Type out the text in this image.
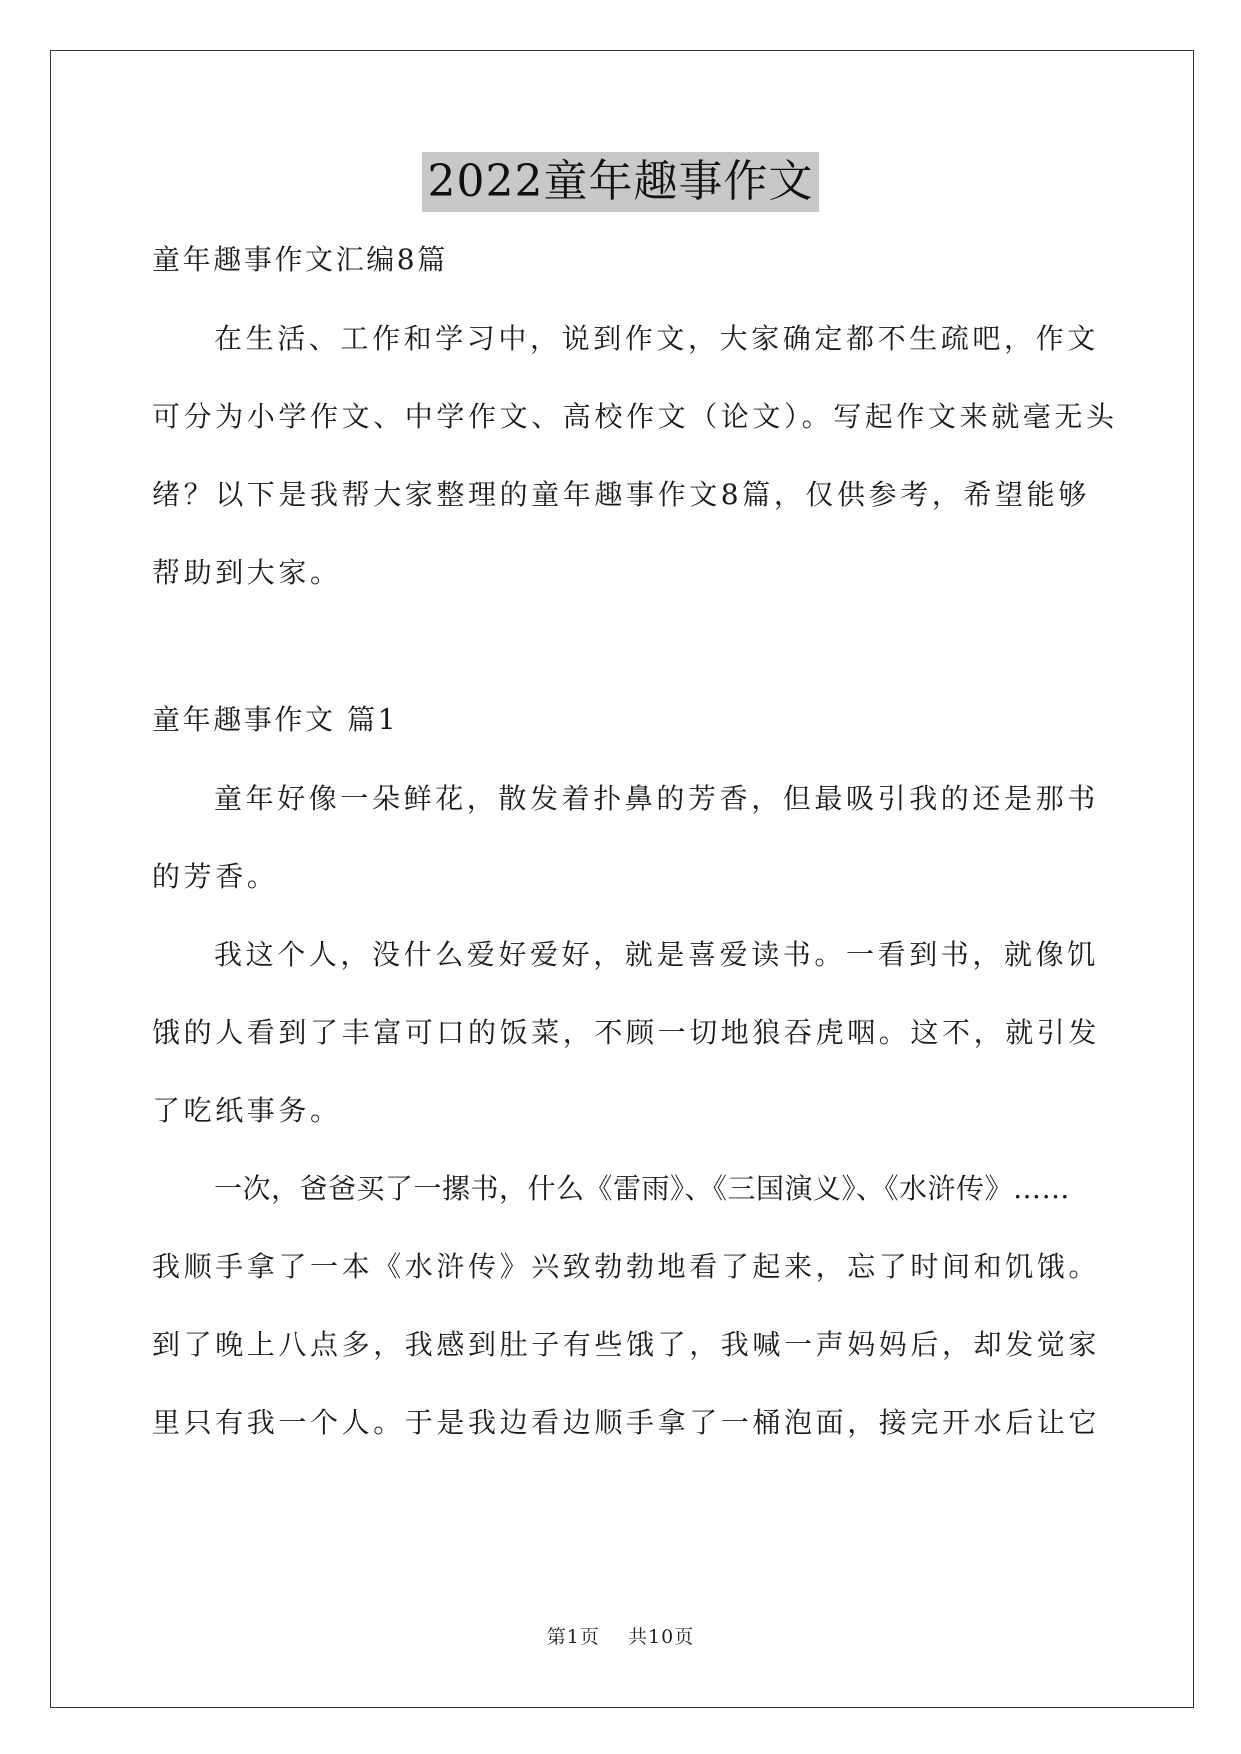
2022童年趣事作文

童年趣事作文汇编8篇

在生活、工作和学习中，说到作文，大家确定都不生疏吧，作文
可分为小学作文、中学作文、高校作文（论文）。写起作文来就毫无头
绪？以下是我帮大家整理的童年趣事作文8篇，仅供参考，希望能够
帮助到大家。

童年趣事作文 篇1

童年好像一朵鲜花，散发着扑鼻的芳香，但最吸引我的还是那书
的芳香。
我这个人，没什么爱好爱好，就是喜爱读书。一看到书，就像饥
饿的人看到了丰富可口的饭菜，不顾一切地狼吞虎咽。这不，就引发
了吃纸事务。
一次，爸爸买了一摞书，什么《雷雨》、《三国演义》、《水浒传》……
我顺手拿了一本《水浒传》兴致勃勃地看了起来，忘了时间和饥饿。
到了晚上八点多，我感到肚子有些饿了，我喊一声妈妈后，却发觉家
里只有我一个人。于是我边看边顺手拿了一桶泡面，接完开水后让它
第1页    共10页
